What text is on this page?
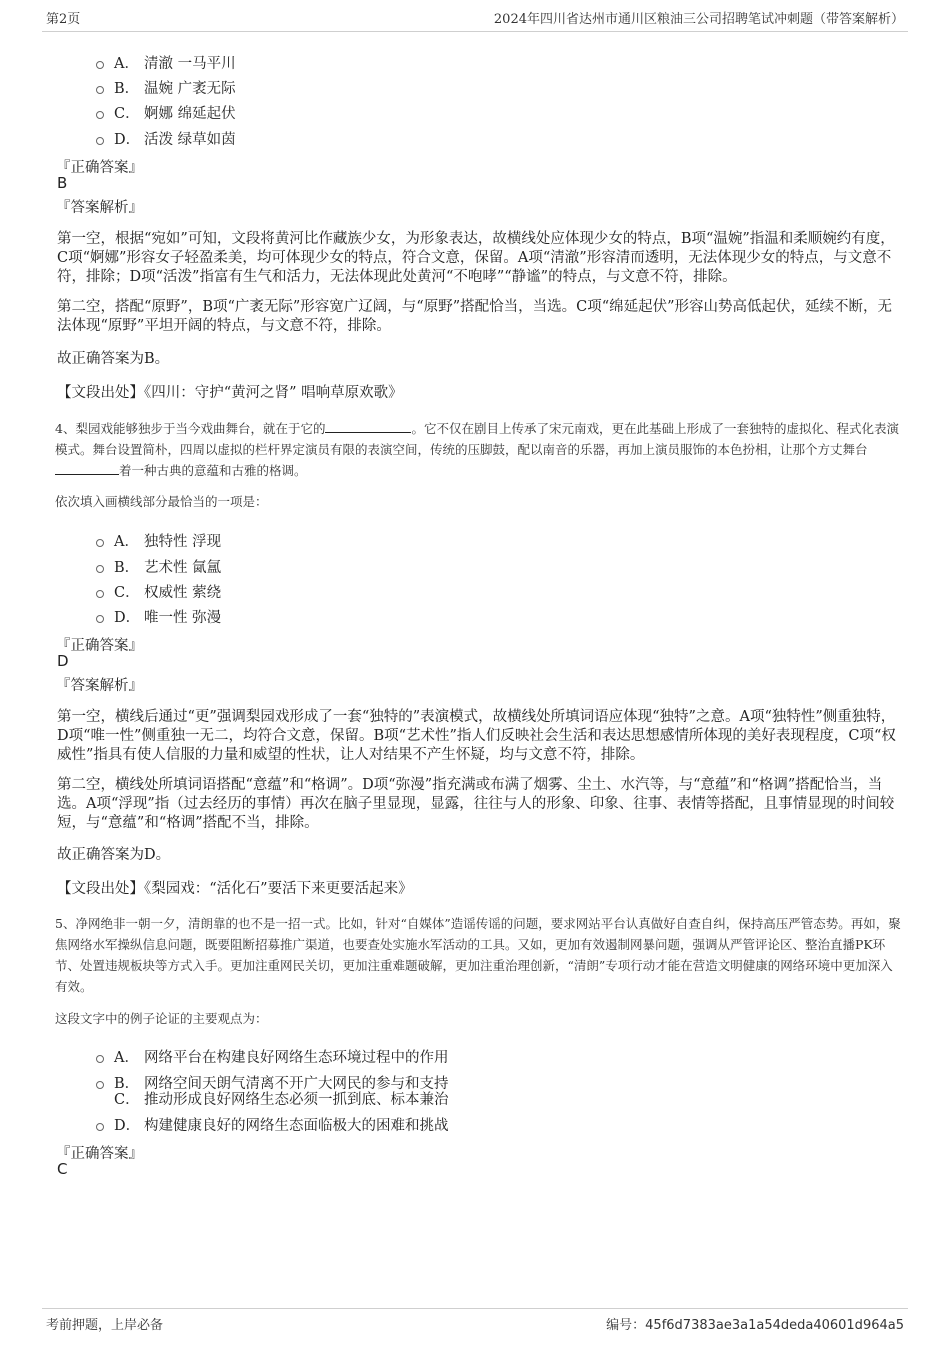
第2页	2024年四川省达州市通川区粮油三公司招聘笔试冲刺题（带答案解析）
A． 清澈 一马平川
B． 温婉 广袤无际
C． 婀娜 绵延起伏
D． 活泼 绿草如茵
『正确答案』
B
『答案解析』

第一空，根据“宛如”可知，文段将黄河比作藏族少女，为形象表达，故横线处应体现少女的特点，B项“温婉”指温和柔顺婉约有度，C项“婀娜”形容女子轻盈柔美，均可体现少女的特点，符合文意，保留。A项“清澈”形容清而透明，无法体现少女的特点，与文意不符，排除；D项“活泼”指富有生气和活力，无法体现此处黄河“不咆哮”“静谧”的特点，与文意不符，排除。

第二空，搭配“原野”，B项“广袤无际”形容宽广辽阔，与“原野”搭配恰当，当选。C项“绵延起伏”形容山势高低起伏，延续不断，无法体现“原野”平坦开阔的特点，与文意不符，排除。

故正确答案为B。

【文段出处】《四川：守护“黄河之肾” 唱响草原欢歌》

4、梨园戏能够独步于当今戏曲舞台，就在于它的	。它不仅在剧目上传承了宋元南戏，更在此基础上形成了一套独特的虚拟化、程式化表演模式。舞台设置简朴，四周以虚拟的栏杆界定演员有限的表演空间，传统的压脚鼓，配以南音的乐器，再加上演员服饰的本色扮相，让那个方丈舞台着一种古典的意蕴和古雅的格调。

依次填入画横线部分最恰当的一项是：

A． 独特性 浮现
B． 艺术性 氤氲
C． 权威性 萦绕
D． 唯一性 弥漫
『正确答案』
D
『答案解析』

第一空，横线后通过“更”强调梨园戏形成了一套“独特的”表演模式，故横线处所填词语应体现“独特”之意。A项“独特性”侧重独特，D项“唯一性”侧重独一无二，均符合文意，保留。B项“艺术性”指人们反映社会生活和表达思想感情所体现的美好表现程度，C项“权威性”指具有使人信服的力量和威望的性状，让人对结果不产生怀疑，均与文意不符，排除。

第二空，横线处所填词语搭配“意蕴”和“格调”。D项“弥漫”指充满或布满了烟雾、尘土、水汽等，与“意蕴”和“格调”搭配恰当，当选。A项“浮现”指（过去经历的事情）再次在脑子里显现，显露，往往与人的形象、印象、往事、表情等搭配，且事情显现的时间较短，与“意蕴”和“格调”搭配不当，排除。

故正确答案为D。

【文段出处】《梨园戏：“活化石”要活下来更要活起来》

5、净网绝非一朝一夕，清朗靠的也不是一招一式。比如，针对“自媒体”造谣传谣的问题，要求网站平台认真做好自查自纠，保持高压严管态势。再如，聚焦网络水军操纵信息问题，既要阻断招募推广渠道，也要查处实施水军活动的工具。又如，更加有效遏制网暴问题，强调从严管评论区、整治直播PK环节、处置违规板块等方式入手。更加注重网民关切，更加注重难题破解，更加注重治理创新，“清朗”专项行动才能在营造文明健康的网络环境中更加深入有效。

这段文字中的例子论证的主要观点为：

A． 网络平台在构建良好网络生态环境过程中的作用
B． 网络空间天朗气清离不开广大网民的参与和支持
C． 推动形成良好网络生态必须一抓到底、标本兼治
D． 构建健康良好的网络生态面临极大的困难和挑战
『正确答案』
C
考前押题，上岸必备	编号：45f6d7383ae3a1a54deda40601d964a5
